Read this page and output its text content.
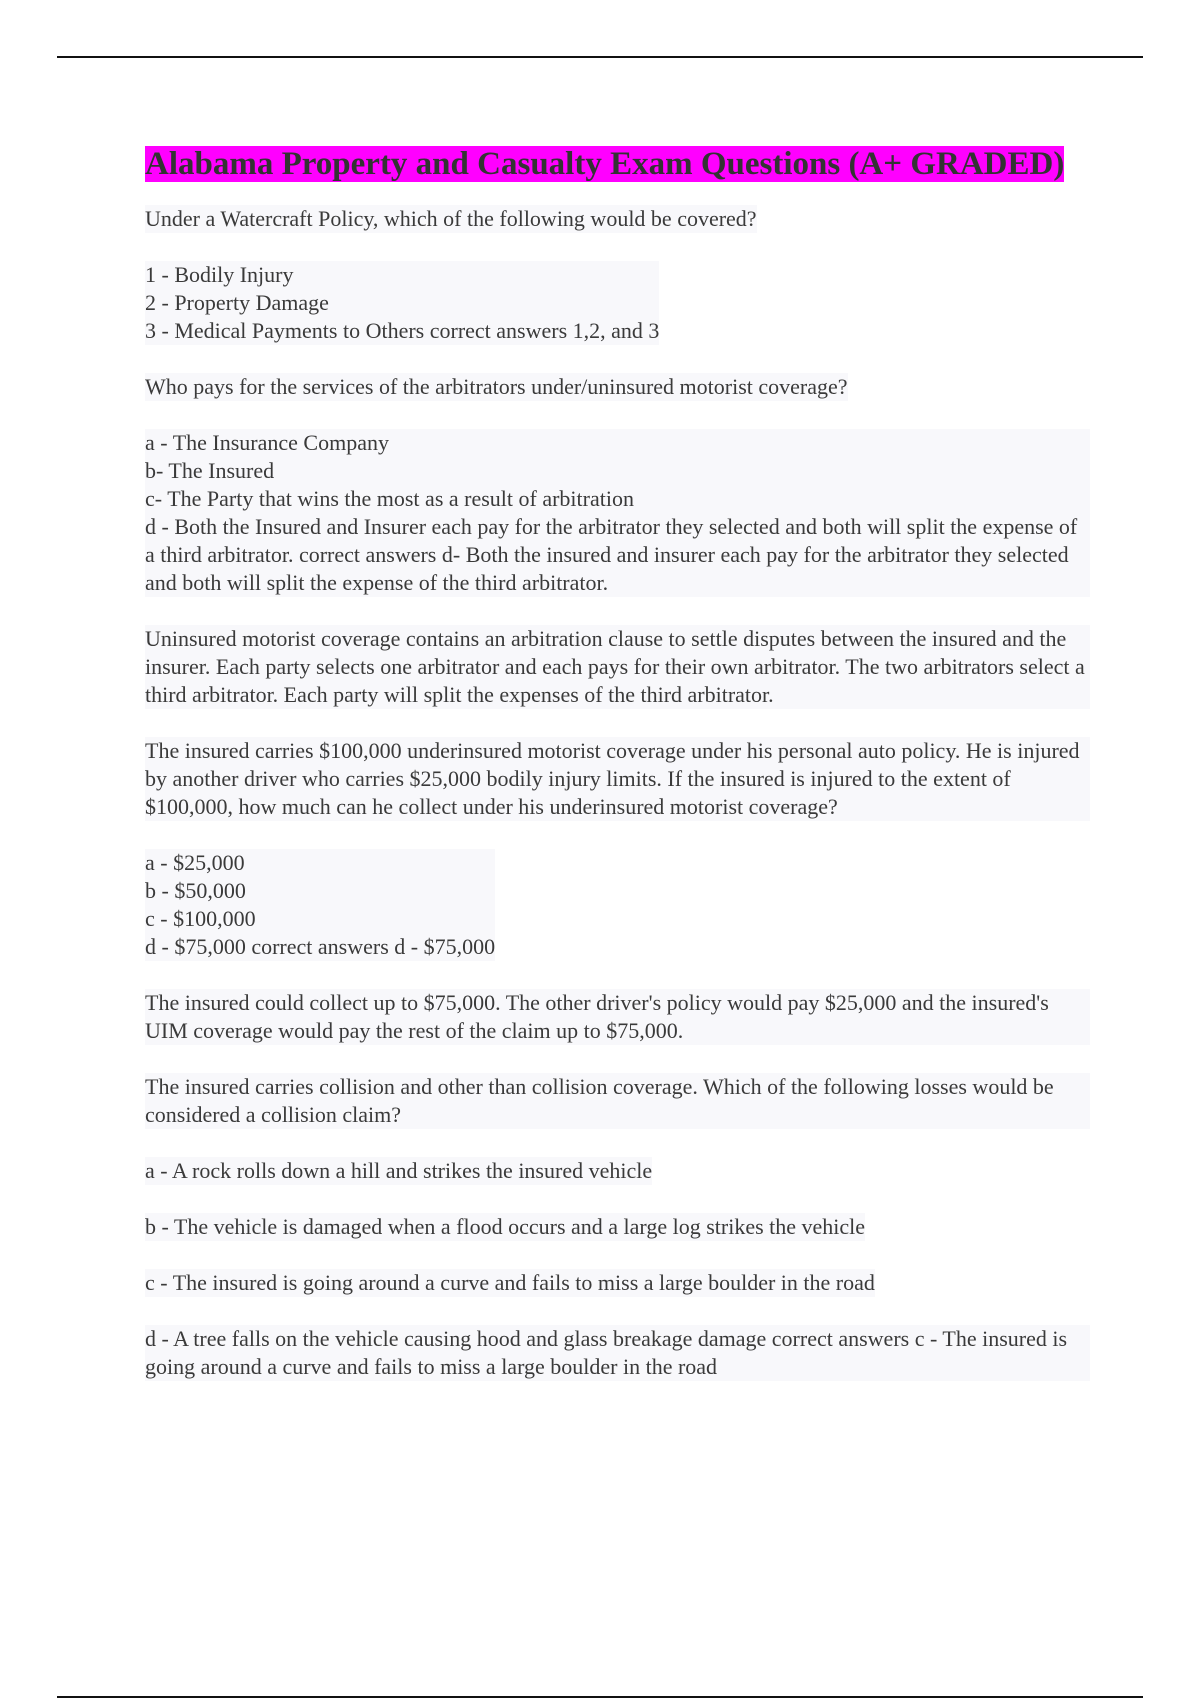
Alabama Property and Casualty Exam Questions (A+ GRADED)
Under a Watercraft Policy, which of the following would be covered?
1 - Bodily Injury
2 - Property Damage
3 - Medical Payments to Others correct answers 1,2, and 3
Who pays for the services of the arbitrators under/uninsured motorist coverage?
a - The Insurance Company
b- The Insured
c- The Party that wins the most as a result of arbitration
d - Both the Insured and Insurer each pay for the arbitrator they selected and both will split the expense of a third arbitrator. correct answers d- Both the insured and insurer each pay for the arbitrator they selected and both will split the expense of the third arbitrator.
Uninsured motorist coverage contains an arbitration clause to settle disputes between the insured and the insurer. Each party selects one arbitrator and each pays for their own arbitrator. The two arbitrators select a third arbitrator. Each party will split the expenses of the third arbitrator.
The insured carries $100,000 underinsured motorist coverage under his personal auto policy. He is injured by another driver who carries $25,000 bodily injury limits. If the insured is injured to the extent of $100,000, how much can he collect under his underinsured motorist coverage?
a - $25,000
b - $50,000
c - $100,000
d - $75,000 correct answers d - $75,000
The insured could collect up to $75,000. The other driver's policy would pay $25,000 and the insured's UIM coverage would pay the rest of the claim up to $75,000.
The insured carries collision and other than collision coverage. Which of the following losses would be considered a collision claim?
a - A rock rolls down a hill and strikes the insured vehicle
b - The vehicle is damaged when a flood occurs and a large log strikes the vehicle
c - The insured is going around a curve and fails to miss a large boulder in the road
d - A tree falls on the vehicle causing hood and glass breakage damage correct answers c - The insured is going around a curve and fails to miss a large boulder in the road
